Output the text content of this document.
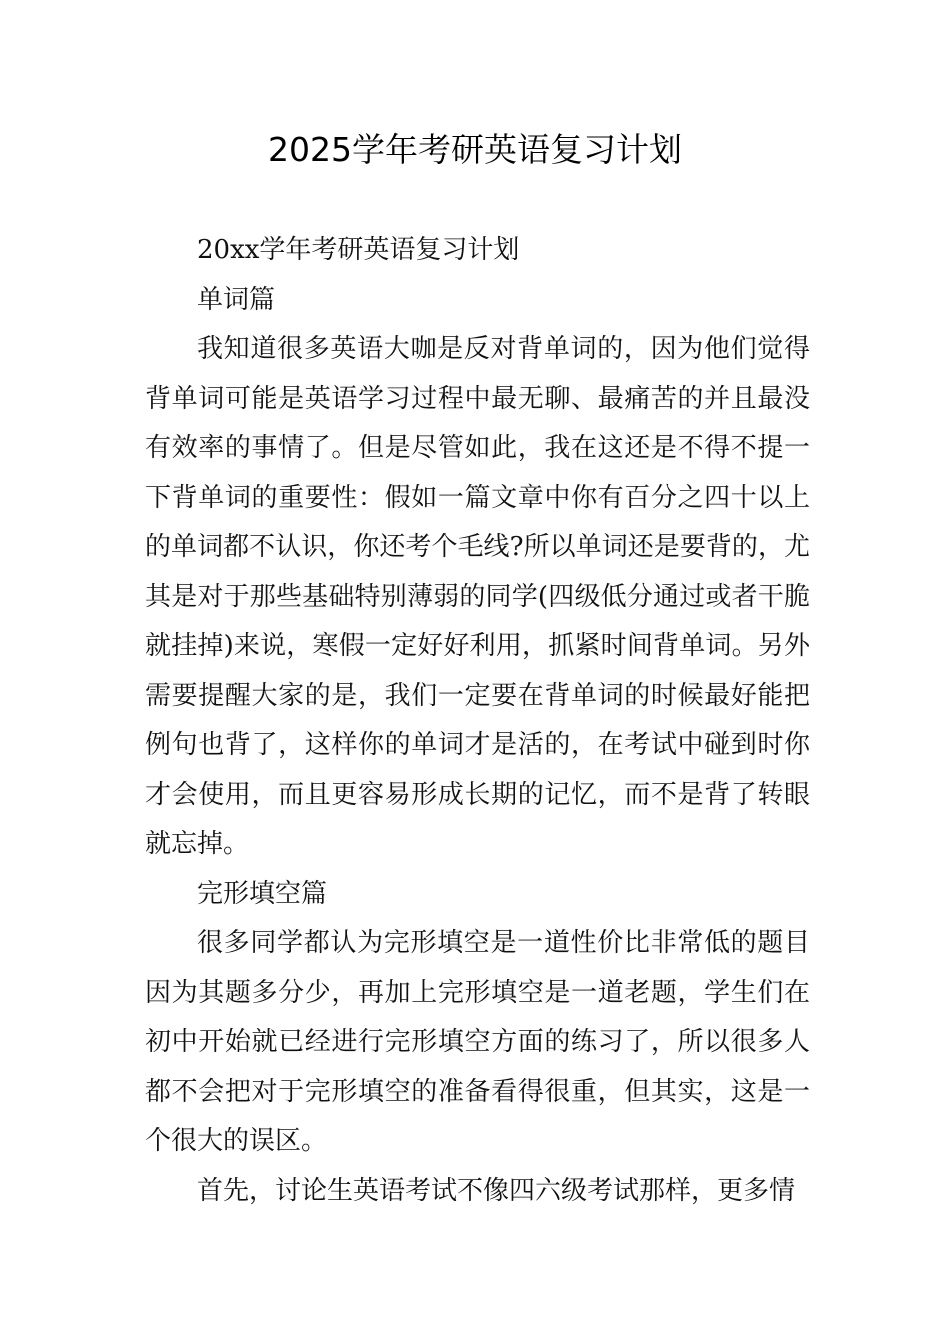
2025学年考研英语复习计划

20xx学年考研英语复习计划

单词篇

我知道很多英语大咖是反对背单词的，因为他们觉得背单词可能是英语学习过程中最无聊、最痛苦的并且最没有效率的事情了。但是尽管如此，我在这还是不得不提一下背单词的重要性：假如一篇文章中你有百分之四十以上的单词都不认识，你还考个毛线?所以单词还是要背的，尤其是对于那些基础特别薄弱的同学(四级低分通过或者干脆就挂掉)来说，寒假一定好好利用，抓紧时间背单词。另外需要提醒大家的是，我们一定要在背单词的时候最好能把例句也背了，这样你的单词才是活的，在考试中碰到时你才会使用，而且更容易形成长期的记忆，而不是背了转眼就忘掉。

完形填空篇

很多同学都认为完形填空是一道性价比非常低的题目因为其题多分少，再加上完形填空是一道老题，学生们在初中开始就已经进行完形填空方面的练习了，所以很多人都不会把对于完形填空的准备看得很重，但其实，这是一个很大的误区。

首先，讨论生英语考试不像四六级考试那样，更多情
